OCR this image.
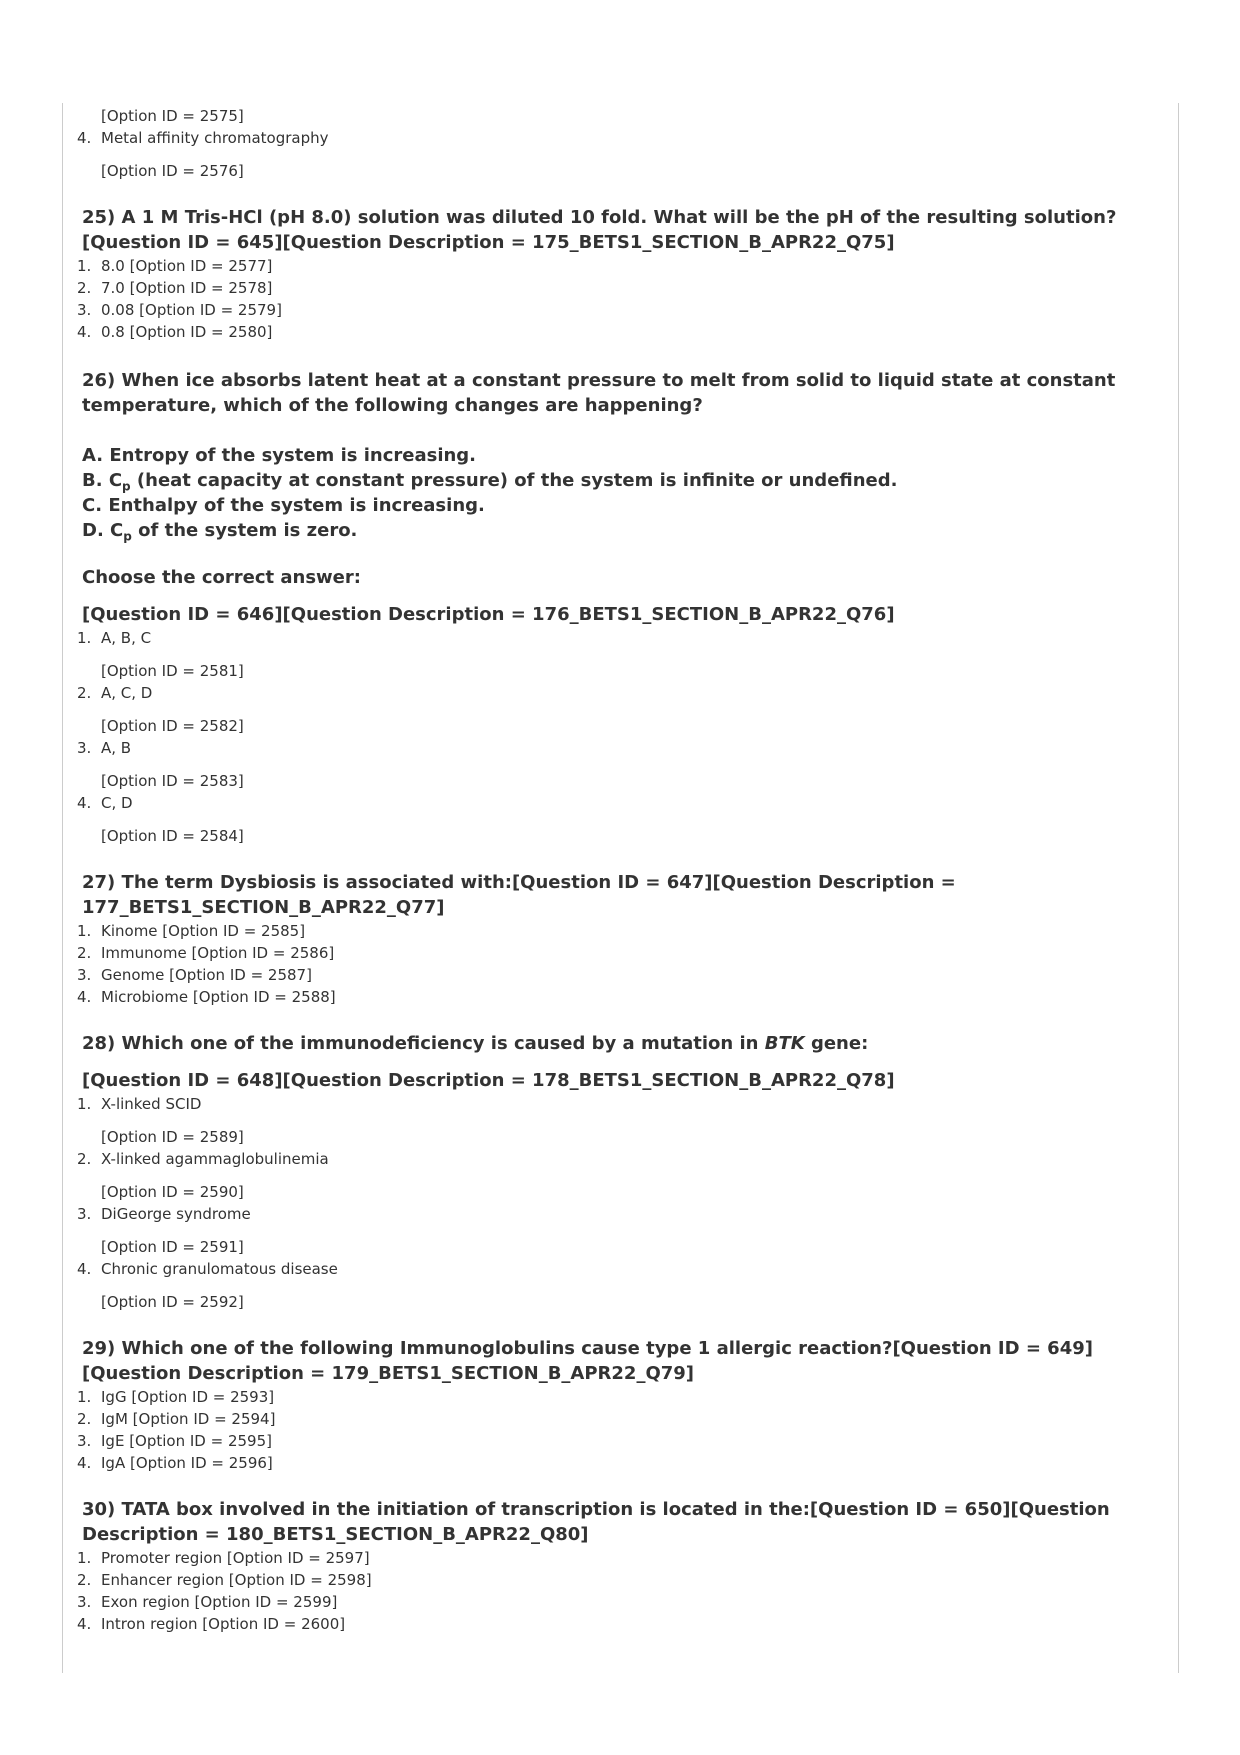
[Option ID = 2575]
4. Metal affinity chromatography
[Option ID = 2576]
25) A 1 M Tris-HCl (pH 8.0) solution was diluted 10 fold. What will be the pH of the resulting solution?[Question ID = 645][Question Description = 175_BETS1_SECTION_B_APR22_Q75]
1. 8.0 [Option ID = 2577]
2. 7.0 [Option ID = 2578]
3. 0.08 [Option ID = 2579]
4. 0.8 [Option ID = 2580]
26) When ice absorbs latent heat at a constant pressure to melt from solid to liquid state at constant temperature, which of the following changes are happening?
A. Entropy of the system is increasing.
B. $C_p$ (heat capacity at constant pressure) of the system is infinite or undefined.
C. Enthalpy of the system is increasing.
D. $C_p$ of the system is zero.
Choose the correct answer:
[Question ID = 646][Question Description = 176_BETS1_SECTION_B_APR22_Q76]
1. A, B, C
[Option ID = 2581]
2. A, C, D
[Option ID = 2582]
3. A, B
[Option ID = 2583]
4. C, D
[Option ID = 2584]
27) The term Dysbiosis is associated with:[Question ID = 647][Question Description = 177_BETS1_SECTION_B_APR22_Q77]
1. Kinome [Option ID = 2585]
2. Immunome [Option ID = 2586]
3. Genome [Option ID = 2587]
4. Microbiome [Option ID = 2588]
28) Which one of the immunodeficiency is caused by a mutation in BTK gene:
[Question ID = 648][Question Description = 178_BETS1_SECTION_B_APR22_Q78]
1. X-linked SCID
[Option ID = 2589]
2. X-linked agammaglobulinemia
[Option ID = 2590]
3. DiGeorge syndrome
[Option ID = 2591]
4. Chronic granulomatous disease
[Option ID = 2592]
29) Which one of the following Immunoglobulins cause type 1 allergic reaction?[Question ID = 649][Question Description = 179_BETS1_SECTION_B_APR22_Q79]
1. IgG [Option ID = 2593]
2. IgM [Option ID = 2594]
3. IgE [Option ID = 2595]
4. IgA [Option ID = 2596]
30) TATA box involved in the initiation of transcription is located in the:[Question ID = 650][Question Description = 180_BETS1_SECTION_B_APR22_Q80]
1. Promoter region [Option ID = 2597]
2. Enhancer region [Option ID = 2598]
3. Exon region [Option ID = 2599]
4. Intron region [Option ID = 2600]
